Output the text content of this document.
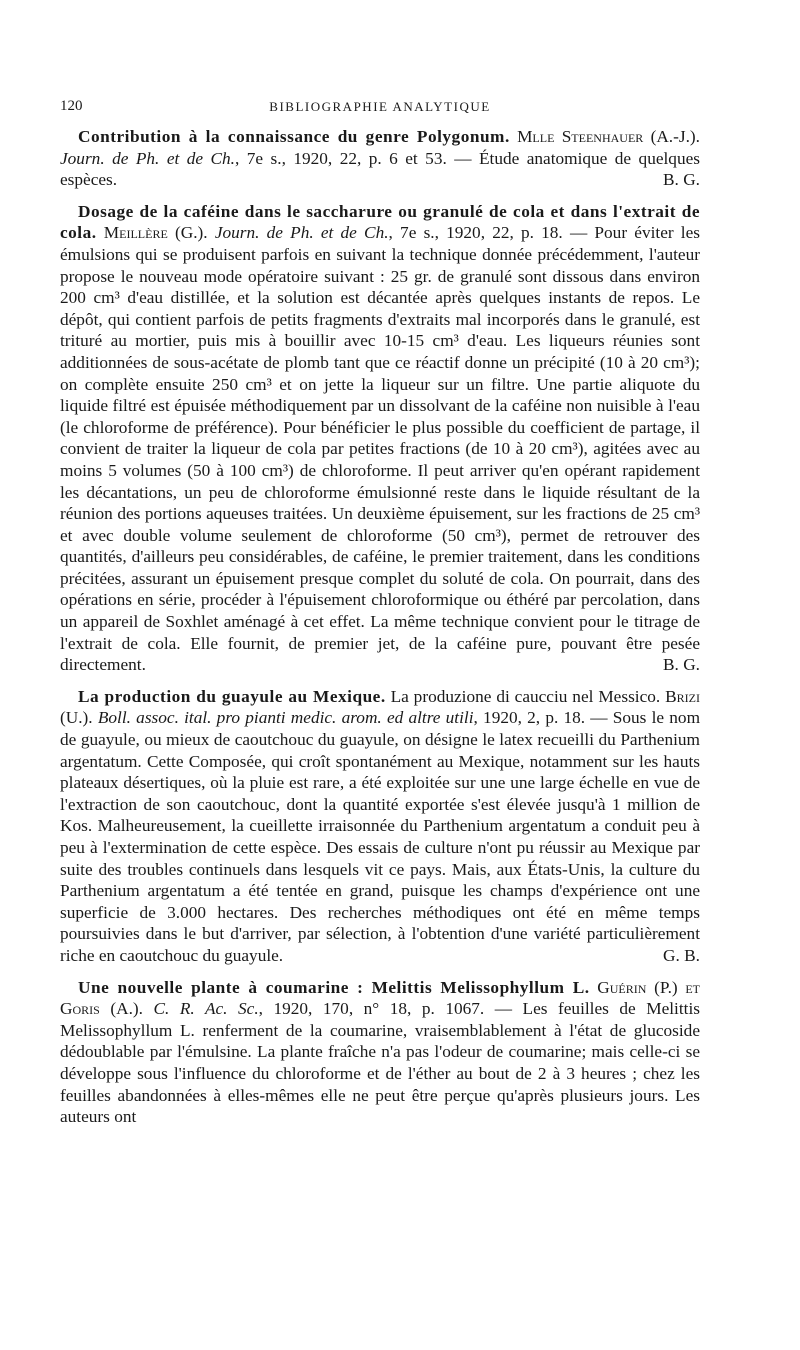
120	BIBLIOGRAPHIE ANALYTIQUE

Contribution à la connaissance du genre Polygonum. Mlle Steenhauer (A.-J.). Journ. de Ph. et de Ch., 7e s., 1920, 22, p. 6 et 53. — Étude anatomique de quelques espèces.	B. G.

Dosage de la caféine dans le saccharure ou granulé de cola et dans l'extrait de cola. Meillère (G.). Journ. de Ph. et de Ch., 7e s., 1920, 22, p. 18. — Pour éviter les émulsions qui se produisent parfois en suivant la technique donnée précédemment, l'auteur propose le nouveau mode opératoire suivant : 25 gr. de granulé sont dissous dans environ 200 cm³ d'eau distillée, et la solution est décantée après quelques instants de repos. Le dépôt, qui contient parfois de petits fragments d'extraits mal incorporés dans le granulé, est trituré au mortier, puis mis à bouillir avec 10-15 cm³ d'eau. Les liqueurs réunies sont additionnées de sous-acétate de plomb tant que ce réactif donne un précipité (10 à 20 cm³); on complète ensuite 250 cm³ et on jette la liqueur sur un filtre. Une partie aliquote du liquide filtré est épuisée méthodiquement par un dissolvant de la caféine non nuisible à l'eau (le chloroforme de préférence). Pour bénéficier le plus possible du coefficient de partage, il convient de traiter la liqueur de cola par petites fractions (de 10 à 20 cm³), agitées avec au moins 5 volumes (50 à 100 cm³) de chloroforme. Il peut arriver qu'en opérant rapidement les décantations, un peu de chloroforme émulsionné reste dans le liquide résultant de la réunion des portions aqueuses traitées. Un deuxième épuisement, sur les fractions de 25 cm³ et avec double volume seulement de chloroforme (50 cm³), permet de retrouver des quantités, d'ailleurs peu considérables, de caféine, le premier traitement, dans les conditions précitées, assurant un épuisement presque complet du soluté de cola. On pourrait, dans des opérations en série, procéder à l'épuisement chloroformique ou éthéré par percolation, dans un appareil de Soxhlet aménagé à cet effet. La même technique convient pour le titrage de l'extrait de cola. Elle fournit, de premier jet, de la caféine pure, pouvant être pesée directement.	B. G.

La production du guayule au Mexique. La produzione di caucciu nel Messico. Brizi (U.). Boll. assoc. ital. pro pianti medic. arom. ed altre utili, 1920, 2, p. 18. — Sous le nom de guayule, ou mieux de caoutchouc du guayule, on désigne le latex recueilli du Parthenium argentatum. Cette Composée, qui croît spontanément au Mexique, notamment sur les hauts plateaux désertiques, où la pluie est rare, a été exploitée sur une une large échelle en vue de l'extraction de son caoutchouc, dont la quantité exportée s'est élevée jusqu'à 1 million de Kos. Malheureusement, la cueillette irraisonnée du Parthenium argentatum a conduit peu à peu à l'extermination de cette espèce. Des essais de culture n'ont pu réussir au Mexique par suite des troubles continuels dans lesquels vit ce pays. Mais, aux États-Unis, la culture du Parthenium argentatum a été tentée en grand, puisque les champs d'expérience ont une superficie de 3.000 hectares. Des recherches méthodiques ont été en même temps poursuivies dans le but d'arriver, par sélection, à l'obtention d'une variété particulièrement riche en caoutchouc du guayule.	G. B.

Une nouvelle plante à coumarine : Melittis Melissophyllum L. Guérin (P.) et Goris (A.). C. R. Ac. Sc., 1920, 170, n° 18, p. 1067. — Les feuilles de Melittis Melissophyllum L. renferment de la coumarine, vraisemblablement à l'état de glucoside dédoublable par l'émulsine. La plante fraîche n'a pas l'odeur de coumarine; mais celle-ci se développe sous l'influence du chloroforme et de l'éther au bout de 2 à 3 heures ; chez les feuilles abandonnées à elles-mêmes elle ne peut être perçue qu'après plusieurs jours. Les auteurs ont
